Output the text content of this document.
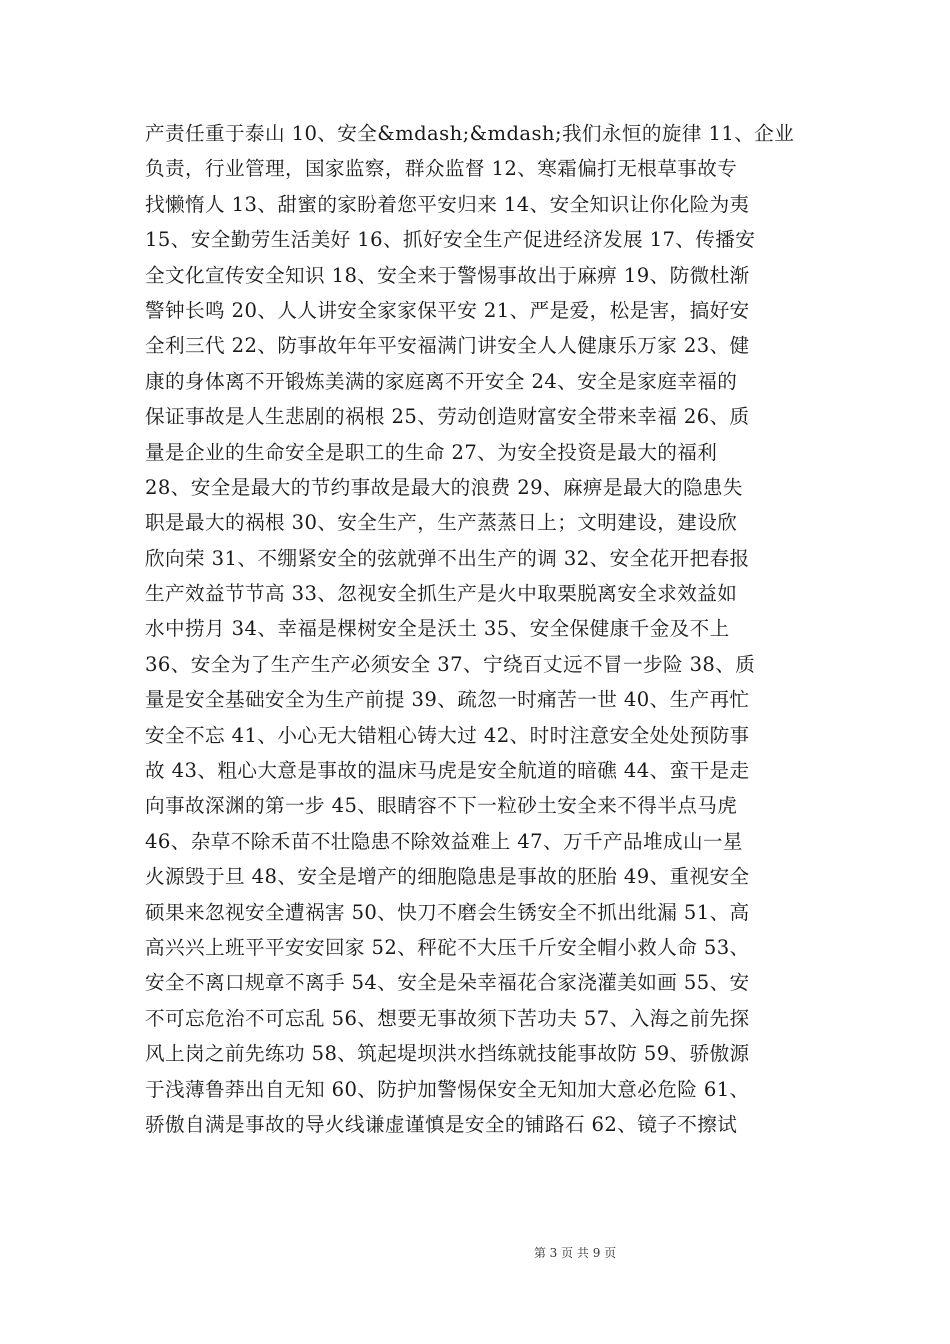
产责任重于泰山 10、安全&mdash;&mdash;我们永恒的旋律 11、企业
负责，行业管理，国家监察，群众监督 12、寒霜偏打无根草事故专
找懒惰人 13、甜蜜的家盼着您平安归来 14、安全知识让你化险为夷
15、安全勤劳生活美好 16、抓好安全生产促进经济发展 17、传播安
全文化宣传安全知识 18、安全来于警惕事故出于麻痹 19、防微杜渐
警钟长鸣 20、人人讲安全家家保平安 21、严是爱，松是害，搞好安
全利三代 22、防事故年年平安福满门讲安全人人健康乐万家 23、健
康的身体离不开锻炼美满的家庭离不开安全 24、安全是家庭幸福的
保证事故是人生悲剧的祸根 25、劳动创造财富安全带来幸福 26、质
量是企业的生命安全是职工的生命 27、为安全投资是最大的福利
28、安全是最大的节约事故是最大的浪费 29、麻痹是最大的隐患失
职是最大的祸根 30、安全生产，生产蒸蒸日上；文明建设，建设欣
欣向荣 31、不绷紧安全的弦就弹不出生产的调 32、安全花开把春报
生产效益节节高 33、忽视安全抓生产是火中取栗脱离安全求效益如
水中捞月 34、幸福是棵树安全是沃土 35、安全保健康千金及不上
36、安全为了生产生产必须安全 37、宁绕百丈远不冒一步险 38、质
量是安全基础安全为生产前提 39、疏忽一时痛苦一世 40、生产再忙
安全不忘 41、小心无大错粗心铸大过 42、时时注意安全处处预防事
故 43、粗心大意是事故的温床马虎是安全航道的暗礁 44、蛮干是走
向事故深渊的第一步 45、眼睛容不下一粒砂土安全来不得半点马虎
46、杂草不除禾苗不壮隐患不除效益难上 47、万千产品堆成山一星
火源毁于旦 48、安全是增产的细胞隐患是事故的胚胎 49、重视安全
硕果来忽视安全遭祸害 50、快刀不磨会生锈安全不抓出纰漏 51、高
高兴兴上班平平安安回家 52、秤砣不大压千斤安全帽小救人命 53、
安全不离口规章不离手 54、安全是朵幸福花合家浇灌美如画 55、安
不可忘危治不可忘乱 56、想要无事故须下苦功夫 57、入海之前先探
风上岗之前先练功 58、筑起堤坝洪水挡练就技能事故防 59、骄傲源
于浅薄鲁莽出自无知 60、防护加警惕保安全无知加大意必危险 61、
骄傲自满是事故的导火线谦虚谨慎是安全的铺路石 62、镜子不擦试
第 3 页 共 9 页
